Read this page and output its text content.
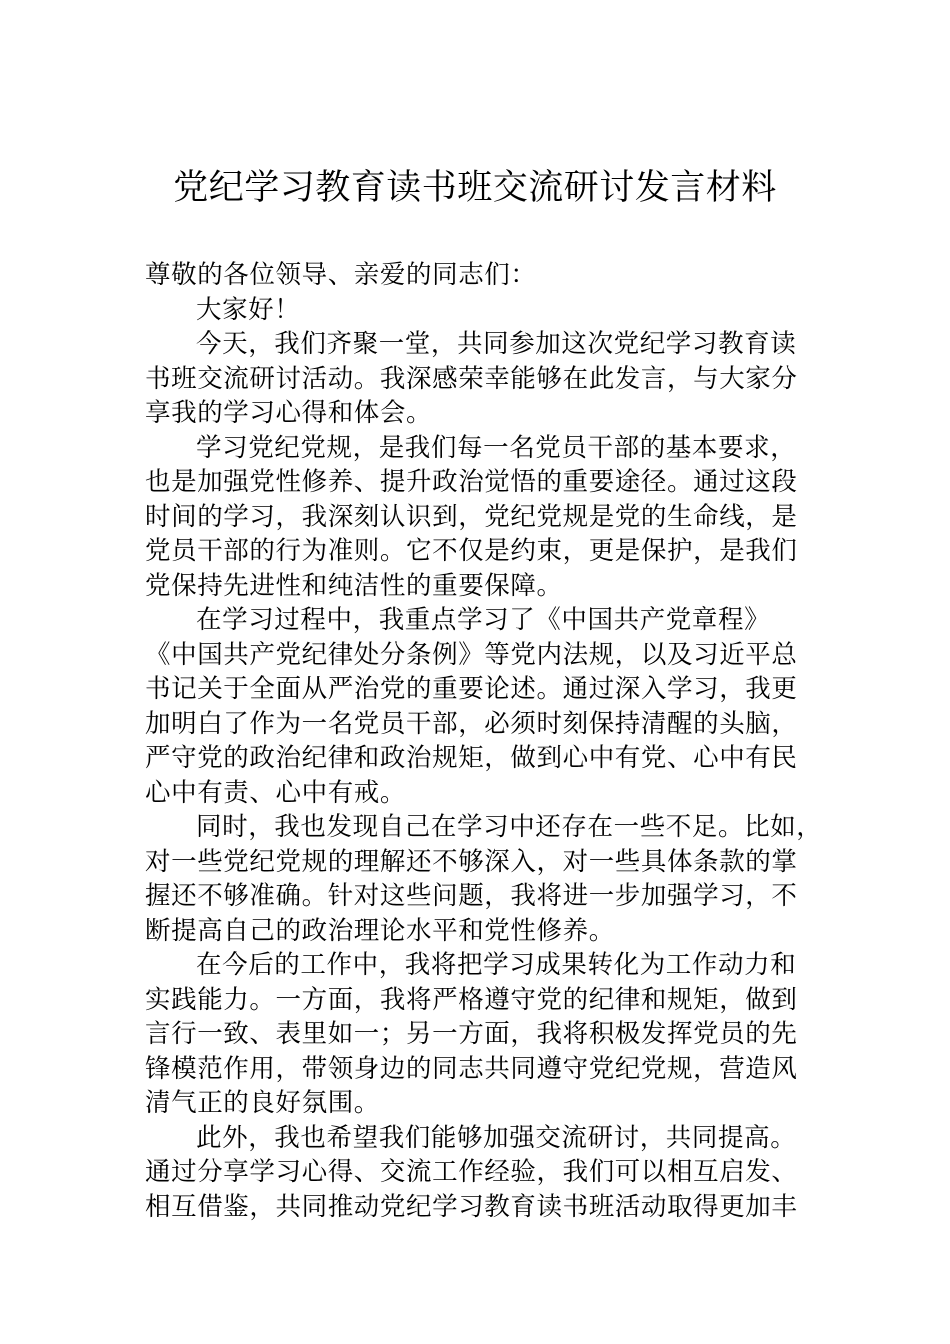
党纪学习教育读书班交流研讨发言材料

尊敬的各位领导、亲爱的同志们：

大家好！

今天，我们齐聚一堂，共同参加这次党纪学习教育读
书班交流研讨活动。我深感荣幸能够在此发言，与大家分
享我的学习心得和体会。

学习党纪党规，是我们每一名党员干部的基本要求，
也是加强党性修养、提升政治觉悟的重要途径。通过这段
时间的学习，我深刻认识到，党纪党规是党的生命线，是
党员干部的行为准则。它不仅是约束，更是保护，是我们
党保持先进性和纯洁性的重要保障。

在学习过程中，我重点学习了《中国共产党章程》
《中国共产党纪律处分条例》等党内法规，以及习近平总
书记关于全面从严治党的重要论述。通过深入学习，我更
加明白了作为一名党员干部，必须时刻保持清醒的头脑，
严守党的政治纪律和政治规矩，做到心中有党、心中有民
心中有责、心中有戒。

同时，我也发现自己在学习中还存在一些不足。比如，
对一些党纪党规的理解还不够深入，对一些具体条款的掌
握还不够准确。针对这些问题，我将进一步加强学习，不
断提高自己的政治理论水平和党性修养。

在今后的工作中，我将把学习成果转化为工作动力和
实践能力。一方面，我将严格遵守党的纪律和规矩，做到
言行一致、表里如一；另一方面，我将积极发挥党员的先
锋模范作用，带领身边的同志共同遵守党纪党规，营造风
清气正的良好氛围。

此外，我也希望我们能够加强交流研讨，共同提高。
通过分享学习心得、交流工作经验，我们可以相互启发、
相互借鉴，共同推动党纪学习教育读书班活动取得更加丰
